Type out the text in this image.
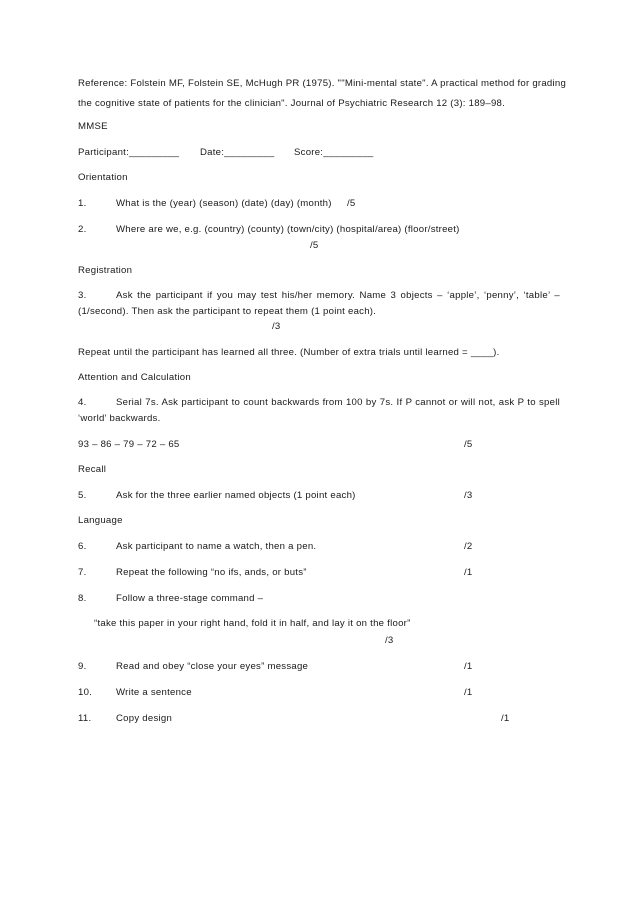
Reference: Folstein MF, Folstein SE, McHugh PR (1975). ""Mini-mental state". A practical method for grading
the cognitive state of patients for the clinician". Journal of Psychiatric Research 12 (3): 189–98.
MMSE
Participant:_________ Date:_________ Score:_________
Orientation
1.	What is the (year) (season) (date) (day) (month) /5
2.	Where are we, e.g. (country) (county) (town/city) (hospital/area) (floor/street)
/5
Registration
3.	Ask the participant if you may test his/her memory. Name 3 objects – ‘apple’, ‘penny’, ‘table’ –
(1/second). Then ask the participant to repeat them (1 point each).
/3
Repeat until the participant has learned all three. (Number of extra trials until learned = ____).
Attention and Calculation
4.	Serial 7s. Ask participant to count backwards from 100 by 7s. If P cannot or will not, ask P to spell
‘world’ backwards.
93 – 86 – 79 – 72 – 65	/5
Recall
5.	Ask for the three earlier named objects (1 point each)	/3
Language
6.	Ask participant to name a watch, then a pen.	/2
7.	Repeat the following “no ifs, ands, or buts”	/1
8.	Follow a three-stage command –
“take this paper in your right hand, fold it in half, and lay it on the floor”
/3
9.	Read and obey “close your eyes” message	/1
10. Write a sentence	/1
11.	Copy design	/1
